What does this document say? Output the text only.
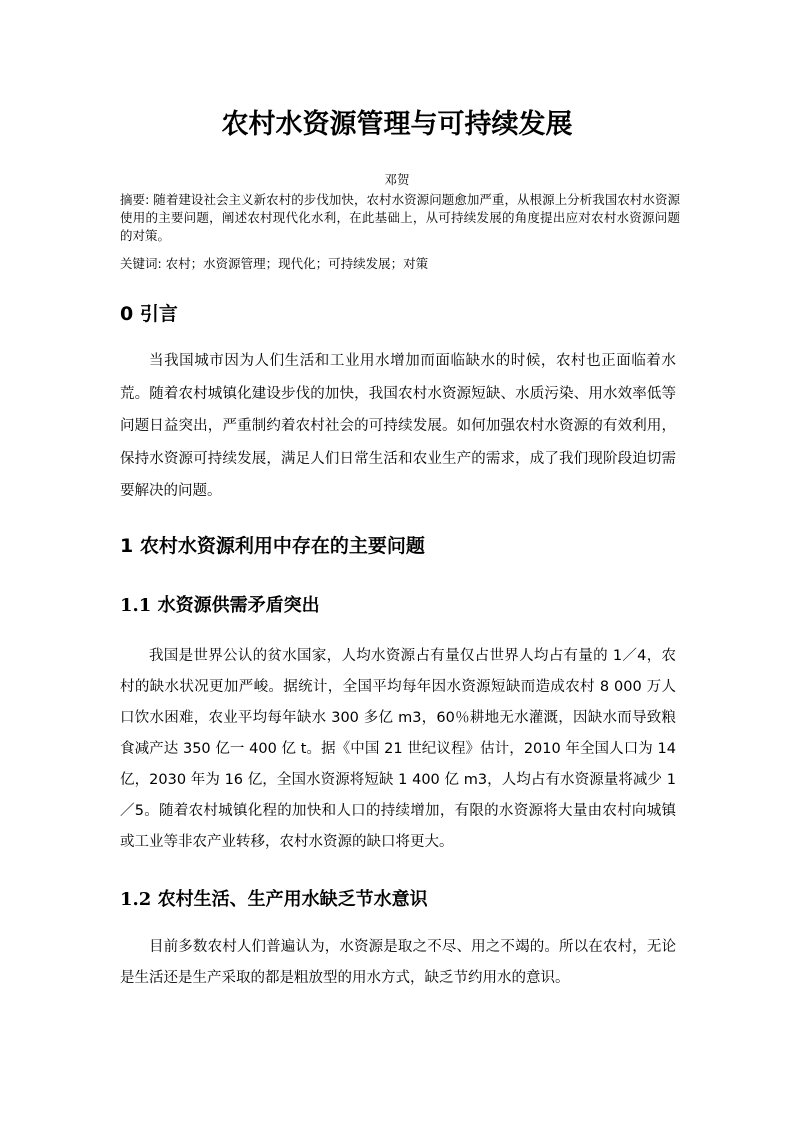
农村水资源管理与可持续发展
邓贺

摘要: 随着建设社会主义新农村的步伐加快，农村水资源问题愈加严重，从根源上分析我国农村水资源使用的主要问题，阐述农村现代化水利，在此基础上，从可持续发展的角度提出应对农村水资源问题的对策。

关键词: 农村；水资源管理；现代化；可持续发展；对策

0 引言

当我国城市因为人们生活和工业用水增加而面临缺水的时候，农村也正面临着水荒。随着农村城镇化建设步伐的加快，我国农村水资源短缺、水质污染、用水效率低等问题日益突出，严重制约着农村社会的可持续发展。如何加强农村水资源的有效利用，保持水资源可持续发展，满足人们日常生活和农业生产的需求，成了我们现阶段迫切需要解决的问题。

1 农村水资源利用中存在的主要问题
1.1 水资源供需矛盾突出

我国是世界公认的贫水国家，人均水资源占有量仅占世界人均占有量的 1／4，农村的缺水状况更加严峻。据统计，全国平均每年因水资源短缺而造成农村 8 000 万人口饮水困难，农业平均每年缺水 300 多亿 m3，60％耕地无水灌溉，因缺水而导致粮食减产达 350 亿一 400 亿 t。据《中国 21 世纪议程》估计，2010 年全国人口为 14 亿，2030 年为 16 亿，全国水资源将短缺 1 400 亿 m3，人均占有水资源量将减少 1／5。随着农村城镇化程的加快和人口的持续增加，有限的水资源将大量由农村向城镇或工业等非农产业转移，农村水资源的缺口将更大。

1.2 农村生活、生产用水缺乏节水意识

目前多数农村人们普遍认为，水资源是取之不尽、用之不竭的。所以在农村，无论是生活还是生产采取的都是粗放型的用水方式，缺乏节约用水的意识。
